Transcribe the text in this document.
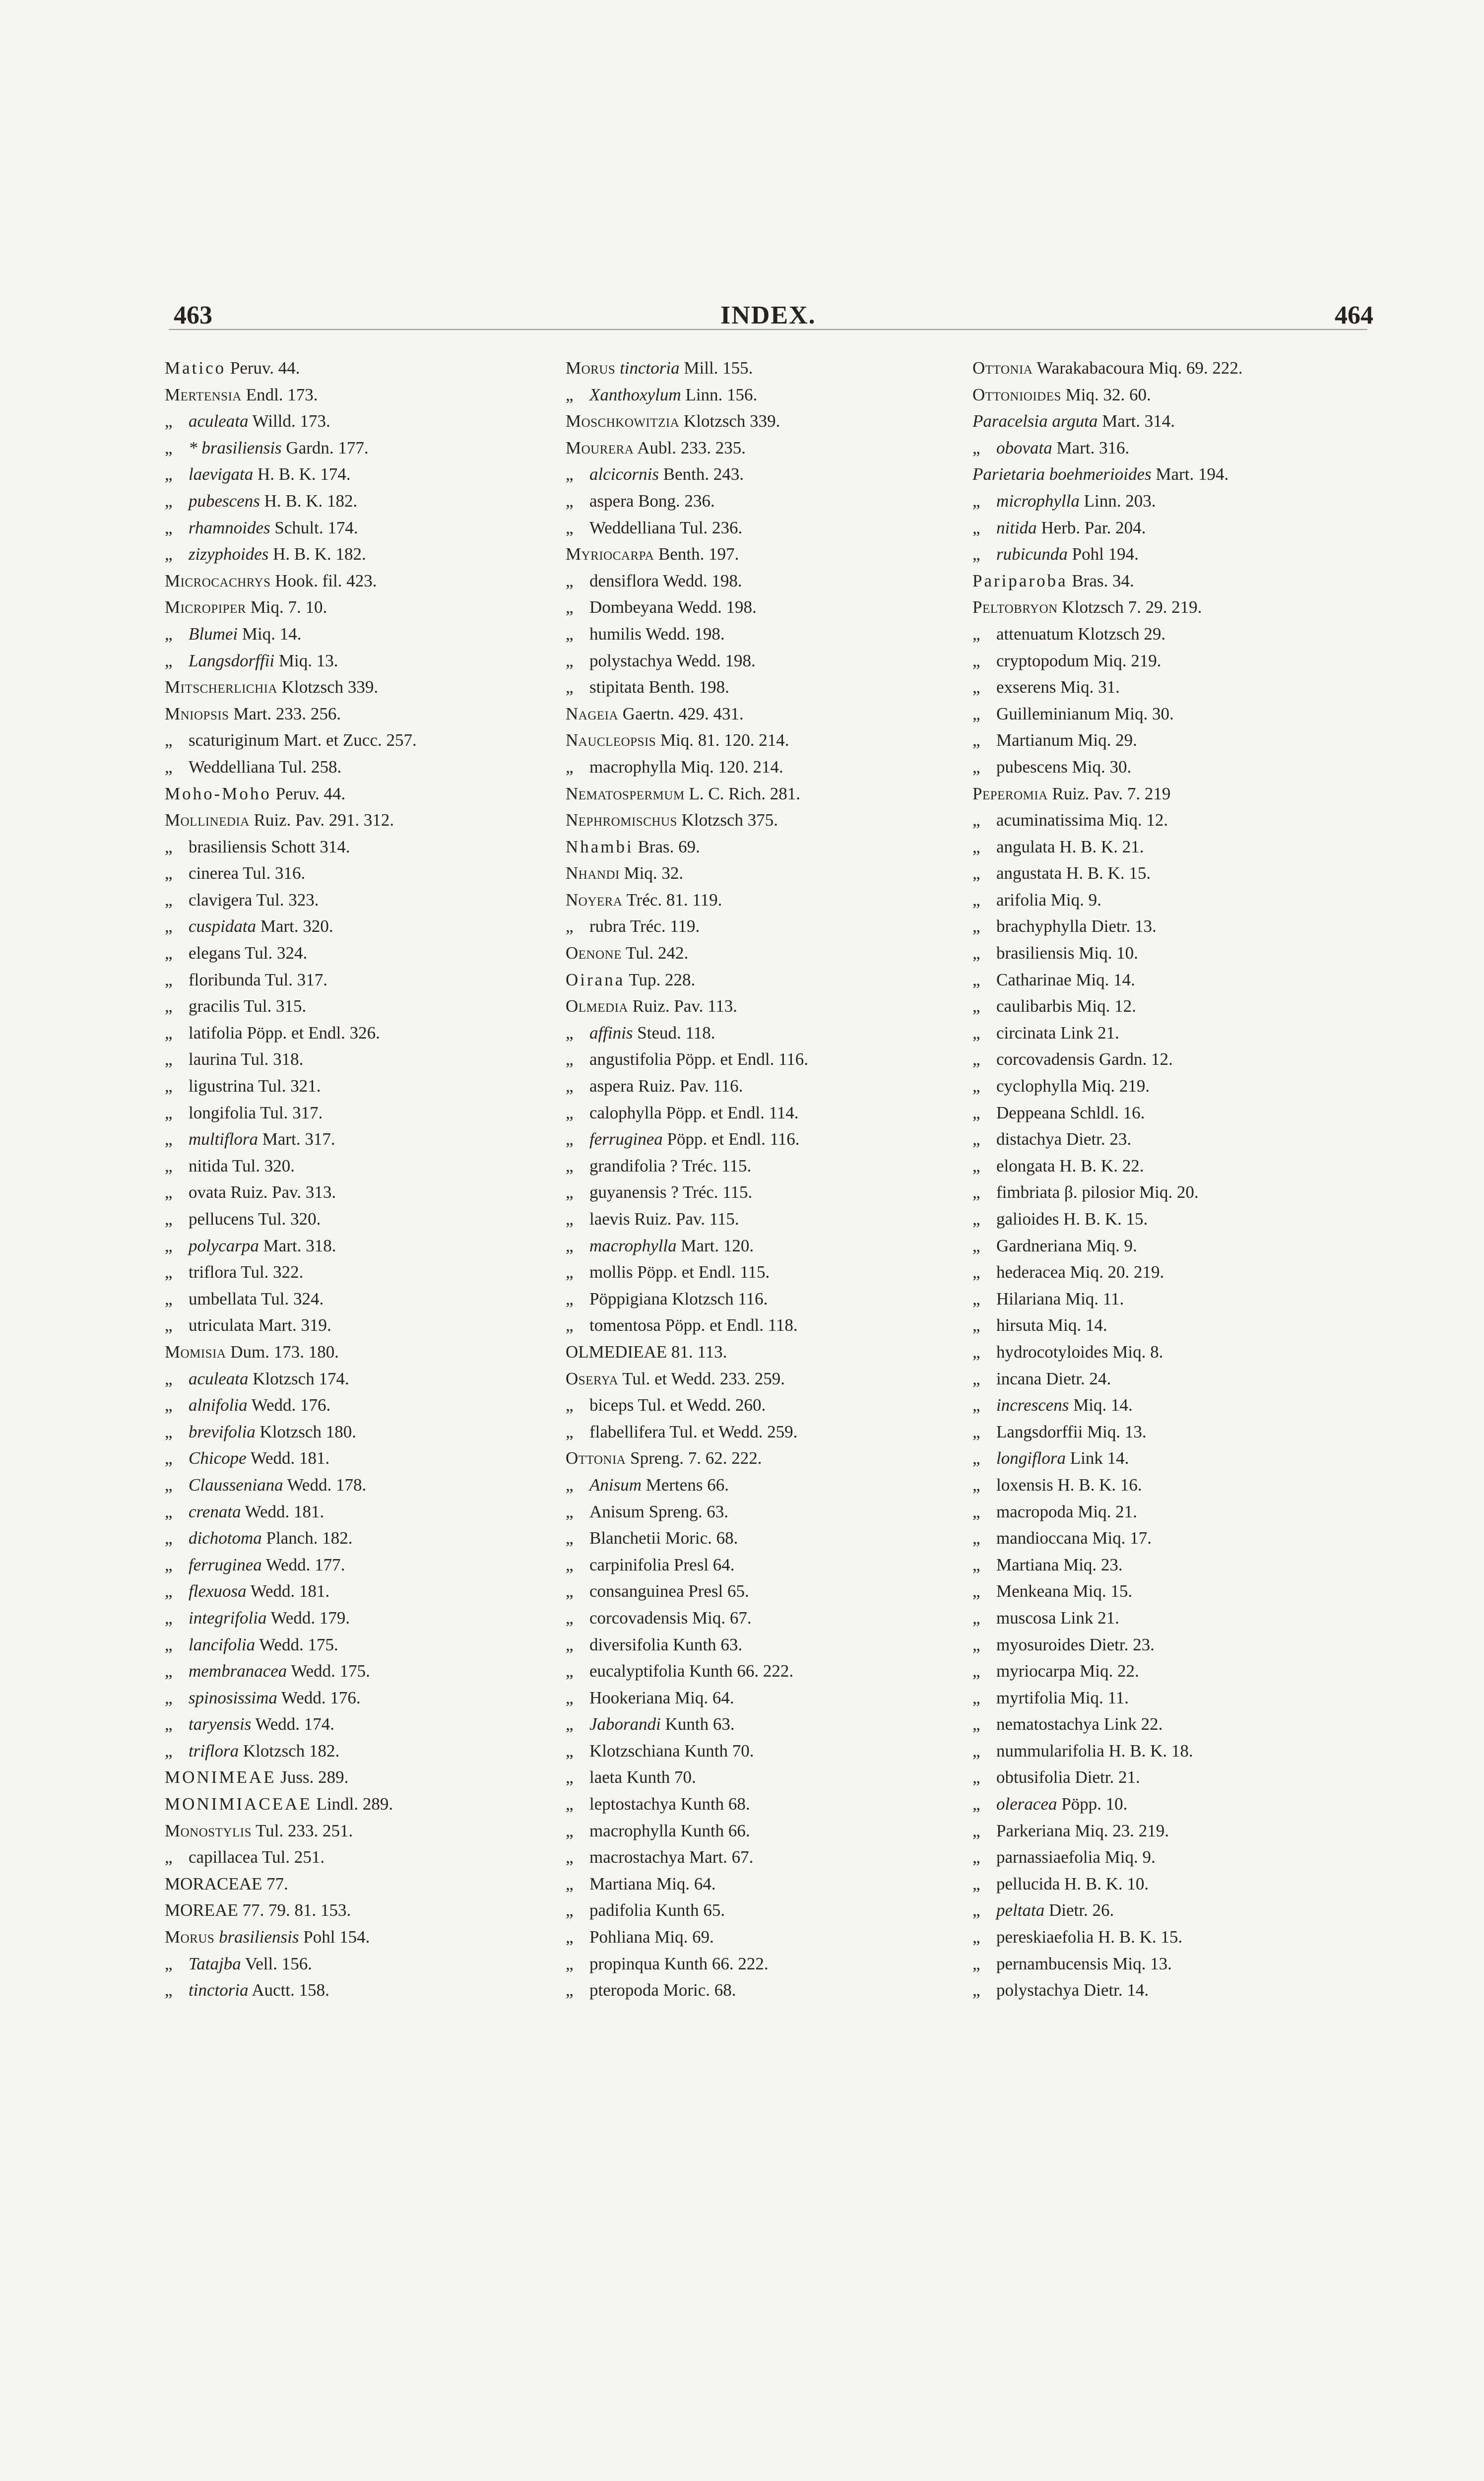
463	INDEX.	464
Matico Peruv. 44.
Mertensia Endl. 173.
„ aculeata Willd. 173.
„ * brasiliensis Gardn. 177.
„ laevigata H. B. K. 174.
„ pubescens H. B. K. 182.
„ rhamnoides Schult. 174.
„ zizyphoides H. B. K. 182.
Microcachrys Hook. fil. 423.
Micropiper Miq. 7. 10.
„ Blumei Miq. 14.
„ Langsdorffii Miq. 13.
Mitscherlichia Klotzsch 339.
Mniopsis Mart. 233. 256.
„ scaturiginum Mart. et Zucc. 257.
„ Weddelliana Tul. 258.
Moho-Moho Peruv. 44.
Mollinedia Ruiz. Pav. 291. 312.
„ brasiliensis Schott 314.
„ cinerea Tul. 316.
„ clavigera Tul. 323.
„ cuspidata Mart. 320.
„ elegans Tul. 324.
„ floribunda Tul. 317.
„ gracilis Tul. 315.
„ latifolia Pöpp. et Endl. 326.
„ laurina Tul. 318.
„ ligustrina Tul. 321.
„ longifolia Tul. 317.
„ multiflora Mart. 317.
„ nitida Tul. 320.
„ ovata Ruiz. Pav. 313.
„ pellucens Tul. 320.
„ polycarpa Mart. 318.
„ triflora Tul. 322.
„ umbellata Tul. 324.
„ utriculata Mart. 319.
Momisia Dum. 173. 180.
„ aculeata Klotzsch 174.
„ alnifolia Wedd. 176.
„ brevifolia Klotzsch 180.
„ Chicope Wedd. 181.
„ Claussenіana Wedd. 178.
„ crenata Wedd. 181.
„ dichotoma Planch. 182.
„ ferruginea Wedd. 177.
„ flexuosa Wedd. 181.
„ integrifolia Wedd. 179.
„ lancifolia Wedd. 175.
„ membranacea Wedd. 175.
„ spinosissima Wedd. 176.
„ taryensis Wedd. 174.
„ triflora Klotzsch 182.
MONIMEAE Juss. 289.
MONIMIACEAE Lindl. 289.
Monostylis Tul. 233. 251.
„ capillacea Tul. 251.
MORACEAE 77.
MOREAE 77. 79. 81. 153.
Morus brasiliensis Pohl 154.
„ Tatajba Vell. 156.
„ tinctoria Auctt. 158.
Morus tinctoria Mill. 155.
„ Xanthoxylum Linn. 156.
Moschkowitzia Klotzsch 339.
Mourera Aubl. 233. 235.
„ alcicornis Benth. 243.
„ aspera Bong. 236.
„ Weddelliana Tul. 236.
Myriocarpa Benth. 197.
„ densiflora Wedd. 198.
„ Dombeyana Wedd. 198.
„ humilis Wedd. 198.
„ polystachya Wedd. 198.
„ stipitata Benth. 198.
Nageia Gaertn. 429. 431.
Naucleopsis Miq. 81. 120. 214.
„ macrophylla Miq. 120. 214.
Nematospermum L. C. Rich. 281.
Nephromischus Klotzsch 375.
Nhambi Bras. 69.
Nhandi Miq. 32.
Noyera Tréc. 81. 119.
„ rubra Tréc. 119.
Oenone Tul. 242.
Oirana Tup. 228.
Olmedia Ruiz. Pav. 113.
„ affinis Steud. 118.
„ angustifolia Pöpp. et Endl. 116.
„ aspera Ruiz. Pav. 116.
„ calophylla Pöpp. et Endl. 114.
„ ferruginea Pöpp. et Endl. 116.
„ grandifolia ? Tréc. 115.
„ guyanensis ? Tréc. 115.
„ laevis Ruiz. Pav. 115.
„ macrophylla Mart. 120.
„ mollis Pöpp. et Endl. 115.
„ Pöppigiana Klotzsch 116.
„ tomentosa Pöpp. et Endl. 118.
OLMEDIEAE 81. 113.
Oserya Tul. et Wedd. 233. 259.
„ biceps Tul. et Wedd. 260.
„ flabellifera Tul. et Wedd. 259.
Ottonia Spreng. 7. 62. 222.
„ Anisum Mertens 66.
„ Anisum Spreng. 63.
„ Blanchetii Moric. 68.
„ carpinifolia Presl 64.
„ consanguinea Presl 65.
„ corcovadensis Miq. 67.
„ diversifolia Kunth 63.
„ eucalyptifolia Kunth 66. 222.
„ Hookeriana Miq. 64.
„ Jaborandi Kunth 63.
„ Klotzschiana Kunth 70.
„ laeta Kunth 70.
„ leptostachya Kunth 68.
„ macrophylla Kunth 66.
„ macrostachya Mart. 67.
„ Martiana Miq. 64.
„ padifolia Kunth 65.
„ Pohliana Miq. 69.
„ propinqua Kunth 66. 222.
„ pteropoda Moric. 68.
Ottonia Warakabacoura Miq. 69. 222.
Ottonioides Miq. 32. 60.
Paracelsia arguta Mart. 314.
„ obovata Mart. 316.
Parietaria boehmerioides Mart. 194.
„ microphylla Linn. 203.
„ nitida Herb. Par. 204.
„ rubicunda Pohl 194.
Pariparoba Bras. 34.
Peltobryon Klotzsch 7. 29. 219.
„ attenuatum Klotzsch 29.
„ cryptopodum Miq. 219.
„ exserens Miq. 31.
„ Guilleminianum Miq. 30.
„ Martianum Miq. 29.
„ pubescens Miq. 30.
Peperomia Ruiz. Pav. 7. 219
„ acuminatissima Miq. 12.
„ angulata H. B. K. 21.
„ angustata H. B. K. 15.
„ arifolia Miq. 9.
„ brachyphylla Dietr. 13.
„ brasiliensis Miq. 10.
„ Catharinae Miq. 14.
„ caulibarbis Miq. 12.
„ circinata Link 21.
„ corcovadensis Gardn. 12.
„ cyclophylla Miq. 219.
„ Deppeana Schldl. 16.
„ distachya Dietr. 23.
„ elongata H. B. K. 22.
„ fimbriata β. pilosior Miq. 20.
„ galioides H. B. K. 15.
„ Gardneriana Miq. 9.
„ hederacea Miq. 20. 219.
„ Hilariana Miq. 11.
„ hirsuta Miq. 14.
„ hydrocotyloides Miq. 8.
„ incana Dietr. 24.
„ increscens Miq. 14.
„ Langsdorffii Miq. 13.
„ longiflora Link 14.
„ loxensis H. B. K. 16.
„ macropoda Miq. 21.
„ mandioccana Miq. 17.
„ Martiana Miq. 23.
„ Menkeana Miq. 15.
„ muscosa Link 21.
„ myosuroides Dietr. 23.
„ myriocarpa Miq. 22.
„ myrtifolia Miq. 11.
„ nematostachya Link 22.
„ nummularifolia H. B. K. 18.
„ obtusifolia Dietr. 21.
„ oleracea Pöpp. 10.
„ Parkeriana Miq. 23. 219.
„ parnassiaefolia Miq. 9.
„ pellucida H. B. K. 10.
„ peltata Dietr. 26.
„ pereskiaefolia H. B. K. 15.
„ pernambucensis Miq. 13.
„ polystachya Dietr. 14.
